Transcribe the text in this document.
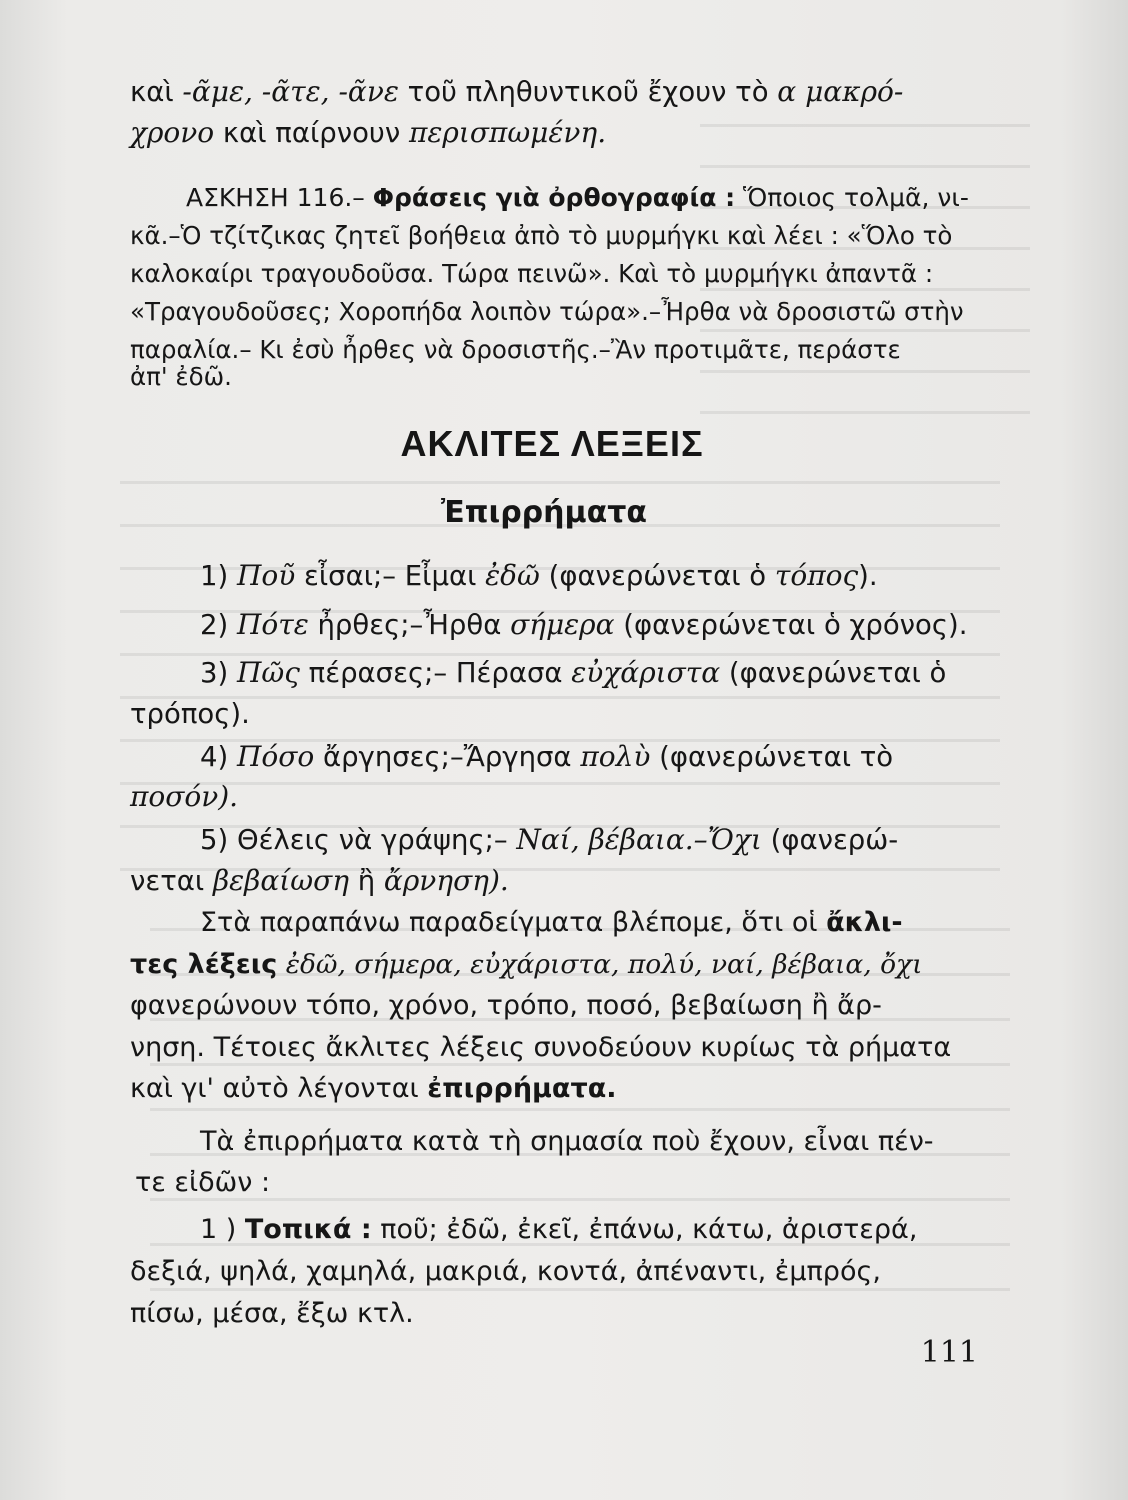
καὶ -ᾶμε, -ᾶτε, -ᾶνε τοῦ πληθυντικοῦ ἔχουν τὸ α μακρό-
χρονο καὶ παίρνουν περισπωμένη.
ΑΣΚΗΣΗ 116.– Φράσεις γιὰ ὀρθογραφία : Ὅποιος τολμᾶ, νι-
κᾶ.–Ὁ τζίτζικας ζητεῖ βοήθεια ἀπὸ τὸ μυρμήγκι καὶ λέει : «Ὅλο τὸ
καλοκαίρι τραγουδοῦσα. Τώρα πεινῶ». Καὶ τὸ μυρμήγκι ἀπαντᾶ :
«Τραγουδοῦσες; Χοροπήδα λοιπὸν τώρα».–Ἦρθα νὰ δροσιστῶ στὴν
παραλία.– Κι ἐσὺ ἦρθες νὰ δροσιστῆς.–Ἂν προτιμᾶτε, περάστε
ἀπ' ἐδῶ.
ΑΚΛΙΤΕΣ ΛΕΞΕΙΣ
Ἐπιρρήματα
1) Ποῦ εἶσαι;– Εἶμαι ἐδῶ (φανερώνεται ὁ τόπος).
2) Πότε ἦρθες;–Ἦρθα σήμερα (φανερώνεται ὁ χρόνος).
3) Πῶς πέρασες;– Πέρασα εὐχάριστα (φανερώνεται ὁ
τρόπος).
4) Πόσο ἄργησες;–Ἄργησα πολὺ (φανερώνεται τὸ
ποσόν).
5) Θέλεις νὰ γράψης;– Ναί, βέβαια.–Ὄχι (φανερώ-
νεται βεβαίωση ἢ ἄρνηση).
Στὰ παραπάνω παραδείγματα βλέπομε, ὅτι οἱ ἄκλι-
τες λέξεις ἐδῶ, σήμερα, εὐχάριστα, πολύ, ναί, βέβαια, ὄχι
φανερώνουν τόπο, χρόνο, τρόπο, ποσό, βεβαίωση ἢ ἄρ-
νηση. Τέτοιες ἄκλιτες λέξεις συνοδεύουν κυρίως τὰ ρήματα
καὶ γι' αὐτὸ λέγονται ἐπιρρήματα.
Τὰ ἐπιρρήματα κατὰ τὴ σημασία ποὺ ἔχουν, εἶναι πέν-
τε εἰδῶν :
1 ) Τοπικά : ποῦ; ἐδῶ, ἐκεῖ, ἐπάνω, κάτω, ἀριστερά,
δεξιά, ψηλά, χαμηλά, μακριά, κοντά, ἀπέναντι, ἐμπρός,
πίσω, μέσα, ἔξω κτλ.
111
